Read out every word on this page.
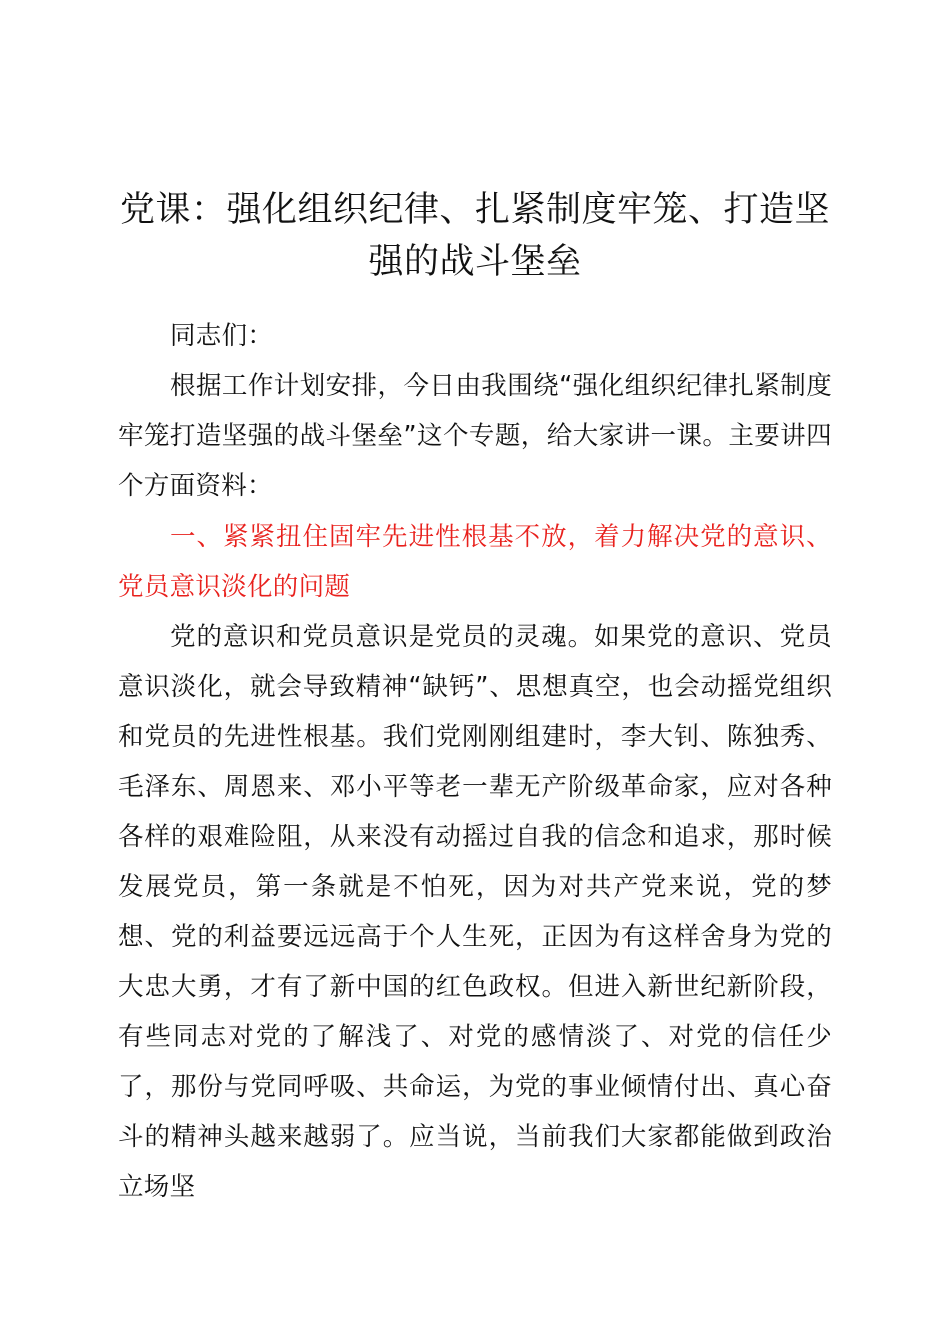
党课：强化组织纪律、扎紧制度牢笼、打造坚强的战斗堡垒

同志们：

根据工作计划安排，今日由我围绕“强化组织纪律扎紧制度牢笼打造坚强的战斗堡垒”这个专题，给大家讲一课。主要讲四个方面资料：

一、紧紧扭住固牢先进性根基不放，着力解决党的意识、党员意识淡化的问题

党的意识和党员意识是党员的灵魂。如果党的意识、党员意识淡化，就会导致精神“缺钙”、思想真空，也会动摇党组织和党员的先进性根基。我们党刚刚组建时，李大钊、陈独秀、毛泽东、周恩来、邓小平等老一辈无产阶级革命家，应对各种各样的艰难险阻，从来没有动摇过自我的信念和追求，那时候发展党员，第一条就是不怕死，因为对共产党来说，党的梦想、党的利益要远远高于个人生死，正因为有这样舍身为党的大忠大勇，才有了新中国的红色政权。但进入新世纪新阶段，有些同志对党的了解浅了、对党的感情淡了、对党的信任少了，那份与党同呼吸、共命运，为党的事业倾情付出、真心奋斗的精神头越来越弱了。应当说，当前我们大家都能做到政治立场坚
